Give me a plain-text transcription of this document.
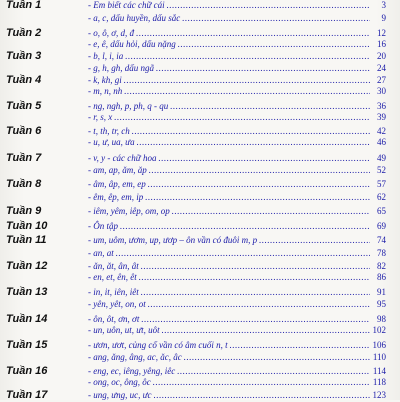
Tuần 1	- Em biết các chữ cái .....	3
- a, c, dấu huyền, dấu sắc .....	9
Tuần 2	- o, ô, ơ, d, đ .....	12
- e, ê, dấu hỏi, dấu nặng .....	16
Tuần 3	- b, l, i, ia .....	20
- g, h, gh, dấu ngã .....	24
Tuần 4	- k, kh, gi .....	27
- m, n, nh .....	30
Tuần 5	- ng, ngh, p, ph, q - qu .....	36
- r, s, x .....	39
Tuần 6	- t, th, tr, ch .....	42
- u, ư, ua, ưa .....	46
Tuần 7	- v, y - các chữ hoa .....	49
- am, ap, ăm, ăp .....	52
Tuần 8	- âm, âp, em, ep .....	57
- êm, êp, em, ip .....	62
Tuần 9	- iêm, yêm, iêp, om, op .....	65
Tuần 10	- Ôn tập .....	69
Tuần 11	- um, uôm, ươm, up, ươp – ôn vần có đuôi m, p .....	74
- an, at .....	78
Tuần 12	- ăn, ăt, ân, ât .....	82
- en, et, ên, êt .....	86
Tuần 13	- in, it, iên, iêt .....	91
- yên, yêt, on, ot .....	95
Tuần 14	- ôn, ôt, ơn, ơt .....	98
- un, uôn, ut, ưt, uôt .....	102
Tuần 15	- ươn, ươt, củng cố vần có âm cuối n, t .....	106
- ang, ăng, âng, ac, ăc, âc .....	110
Tuần 16	- eng, ec, iêng, yêng, iêc .....	114
- ong, oc, ông, ôc .....	118
Tuần 17	- ung, ưng, uc, ưc .....	123
